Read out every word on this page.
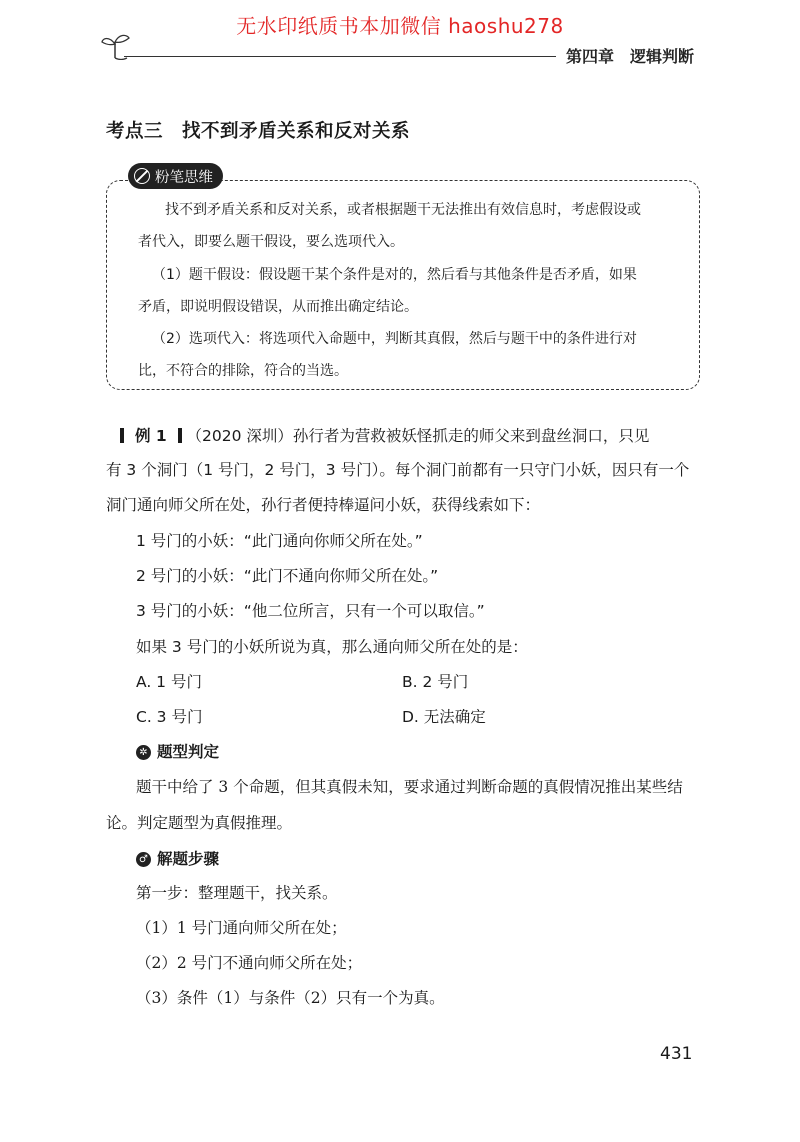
无水印纸质书本加微信 haoshu278
第四章　逻辑判断
考点三　找不到矛盾关系和反对关系
粉笔思维
找不到矛盾关系和反对关系，或者根据题干无法推出有效信息时，考虑假设或
者代入，即要么题干假设，要么选项代入。
（1）题干假设：假设题干某个条件是对的，然后看与其他条件是否矛盾，如果
矛盾，即说明假设错误，从而推出确定结论。
（2）选项代入：将选项代入命题中，判断其真假，然后与题干中的条件进行对
比，不符合的排除，符合的当选。
例 1 （2020 深圳）孙行者为营救被妖怪抓走的师父来到盘丝洞口，只见
有 3 个洞门（1 号门，2 号门，3 号门）。每个洞门前都有一只守门小妖，因只有一个
洞门通向师父所在处，孙行者便持棒逼问小妖，获得线索如下：
1 号门的小妖：“此门通向你师父所在处。”
2 号门的小妖：“此门不通向你师父所在处。”
3 号门的小妖：“他二位所言，只有一个可以取信。”
如果 3 号门的小妖所说为真，那么通向师父所在处的是：
A. 1 号门	B. 2 号门
C. 3 号门	D. 无法确定
✲ 题型判定
题干中给了 3 个命题，但其真假未知，要求通过判断命题的真假情况推出某些结
论。判定题型为真假推理。
♂ 解题步骤
第一步：整理题干，找关系。
（1）1 号门通向师父所在处；
（2）2 号门不通向师父所在处；
（3）条件（1）与条件（2）只有一个为真。
431
